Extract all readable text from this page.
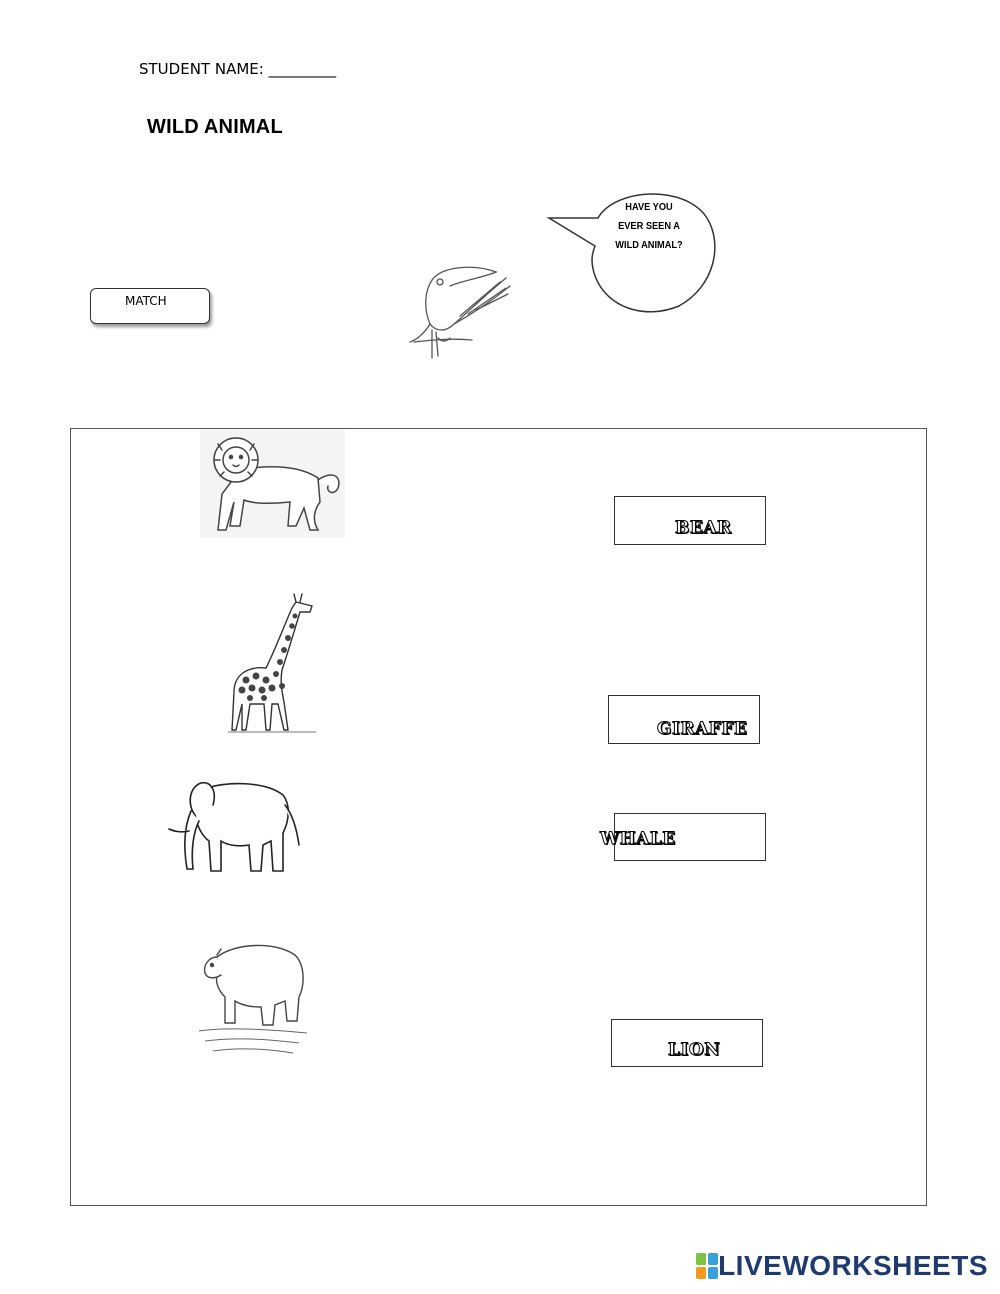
STUDENT NAME: _________
WILD ANIMAL
MATCH
HAVE YOU
EVER SEEN A
WILD ANIMAL?
BEAR
GIRAFFE
WHALE
LION
LIVEWORKSHEETS
